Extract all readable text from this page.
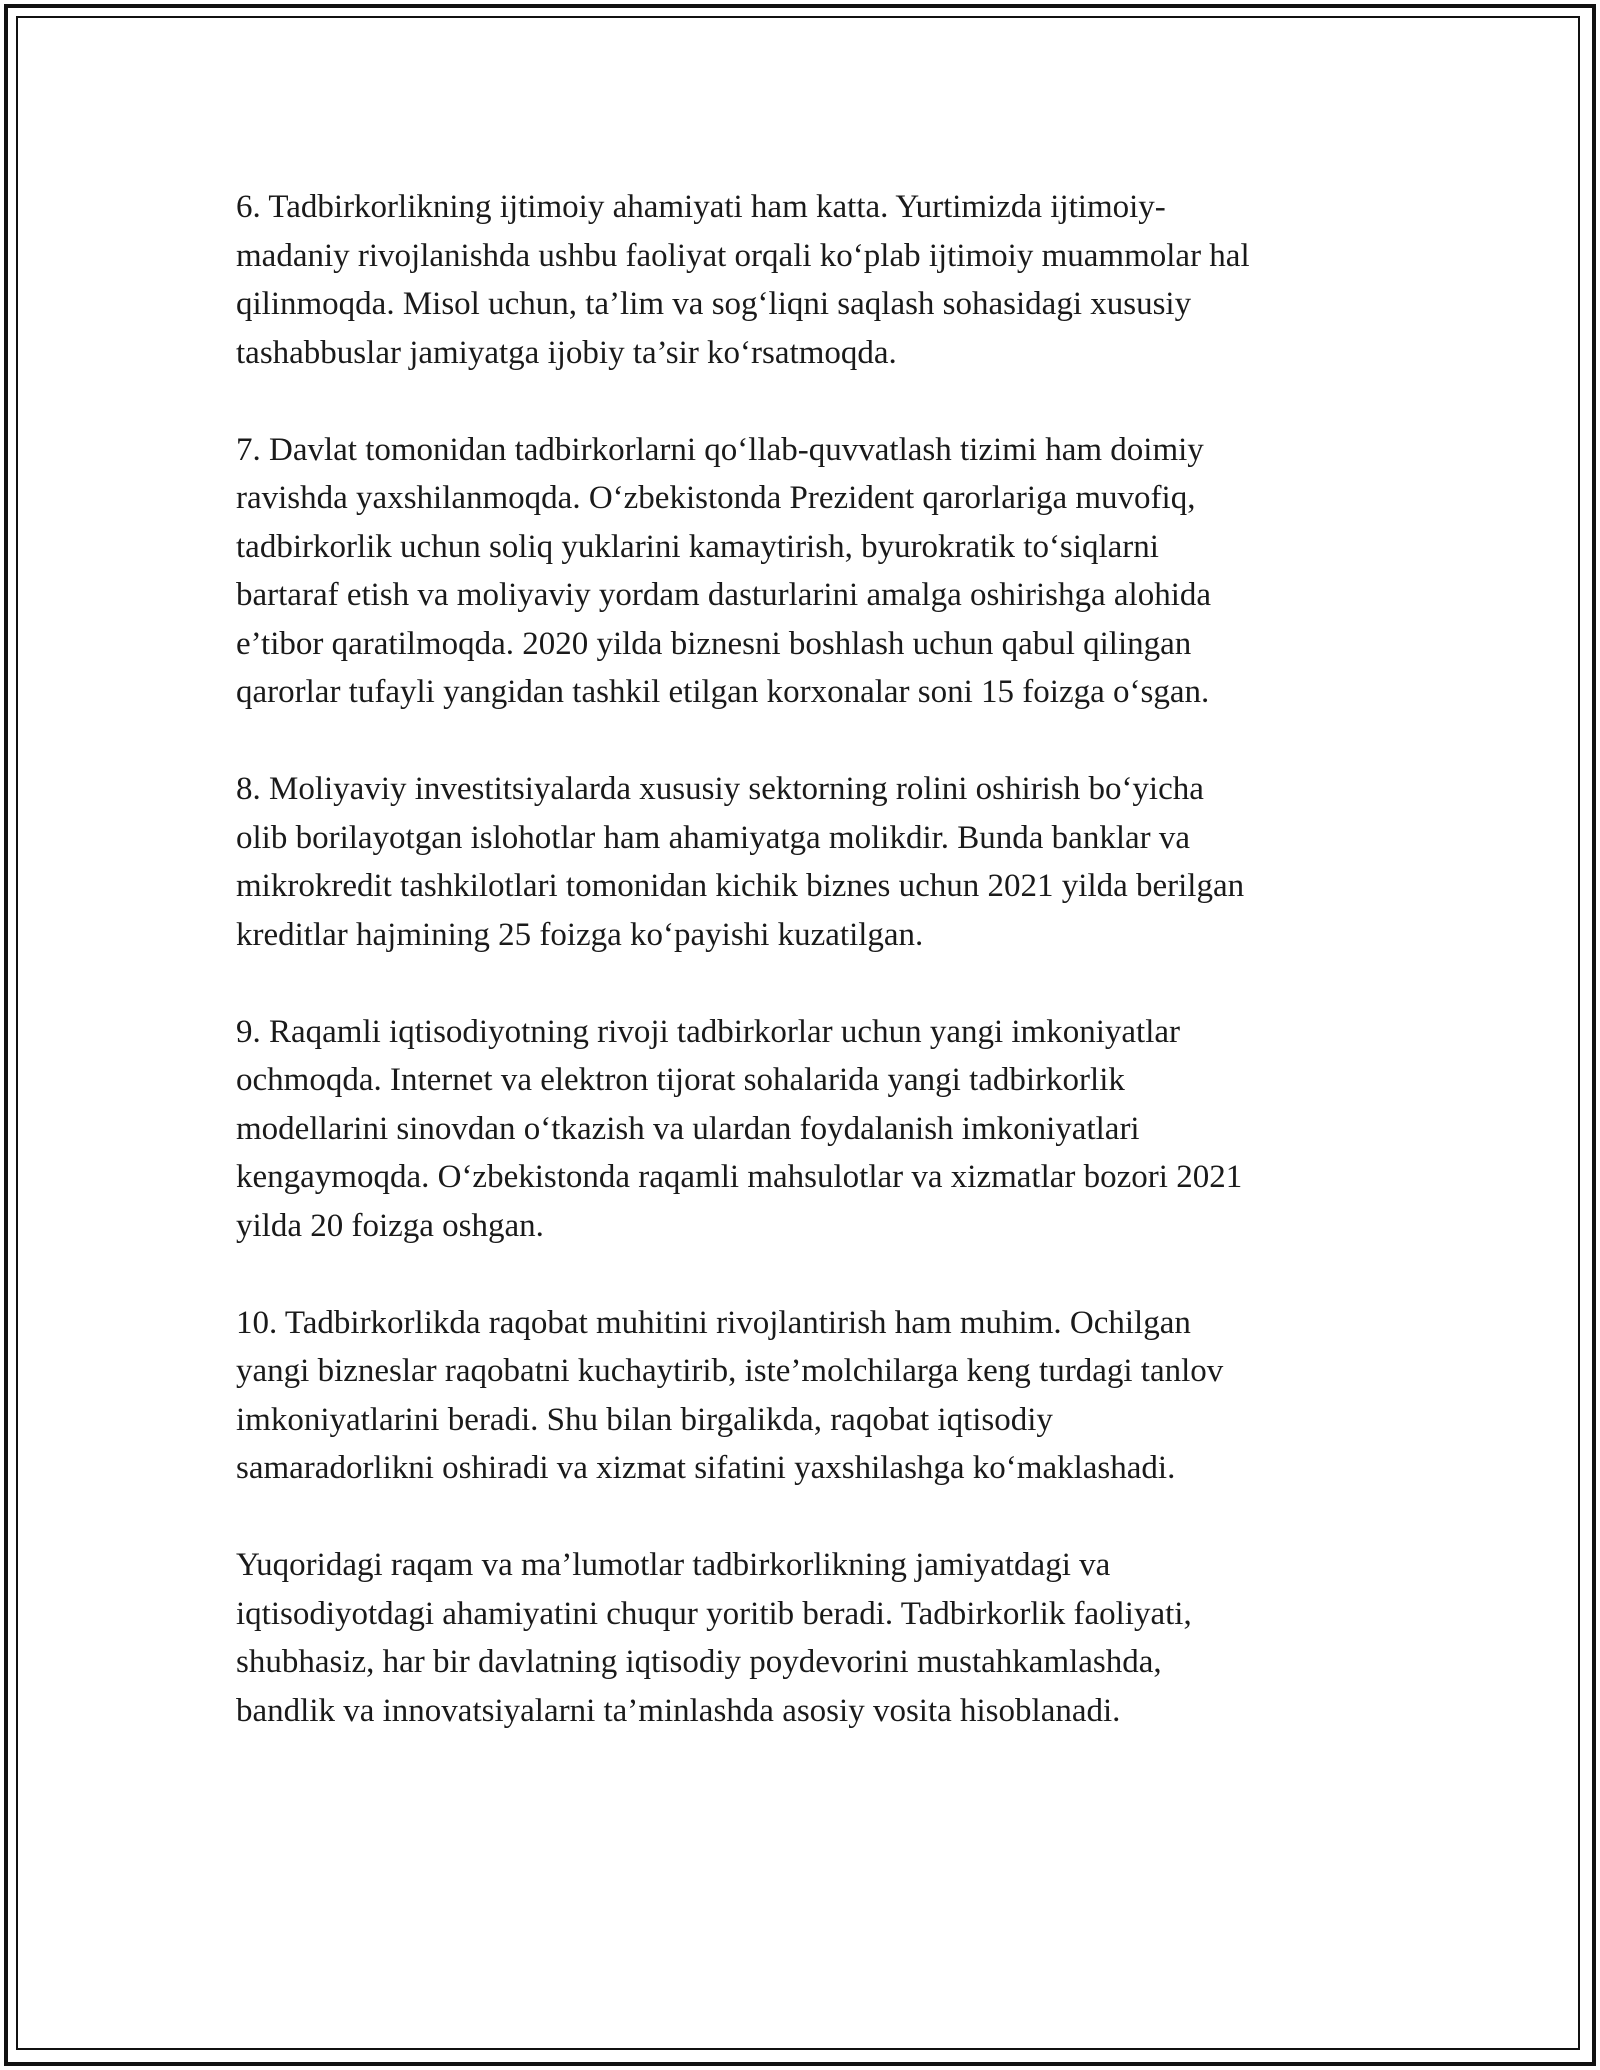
6. Tadbirkorlikning ijtimoiy ahamiyati ham katta. Yurtimizda ijtimoiy-
madaniy rivojlanishda ushbu faoliyat orqali ko‘plab ijtimoiy muammolar hal
qilinmoqda. Misol uchun, ta’lim va sog‘liqni saqlash sohasidagi xususiy
tashabbuslar jamiyatga ijobiy ta’sir ko‘rsatmoqda.

7. Davlat tomonidan tadbirkorlarni qo‘llab-quvvatlash tizimi ham doimiy
ravishda yaxshilanmoqda. O‘zbekistonda Prezident qarorlariga muvofiq,
tadbirkorlik uchun soliq yuklarini kamaytirish, byurokratik to‘siqlarni
bartaraf etish va moliyaviy yordam dasturlarini amalga oshirishga alohida
e’tibor qaratilmoqda. 2020 yilda biznesni boshlash uchun qabul qilingan
qarorlar tufayli yangidan tashkil etilgan korxonalar soni 15 foizga o‘sgan.

8. Moliyaviy investitsiyalarda xususiy sektorning rolini oshirish bo‘yicha
olib borilayotgan islohotlar ham ahamiyatga molikdir. Bunda banklar va
mikrokredit tashkilotlari tomonidan kichik biznes uchun 2021 yilda berilgan
kreditlar hajmining 25 foizga ko‘payishi kuzatilgan.

9. Raqamli iqtisodiyotning rivoji tadbirkorlar uchun yangi imkoniyatlar
ochmoqda. Internet va elektron tijorat sohalarida yangi tadbirkorlik
modellarini sinovdan o‘tkazish va ulardan foydalanish imkoniyatlari
kengaymoqda. O‘zbekistonda raqamli mahsulotlar va xizmatlar bozori 2021
yilda 20 foizga oshgan.

10. Tadbirkorlikda raqobat muhitini rivojlantirish ham muhim. Ochilgan
yangi bizneslar raqobatni kuchaytirib, iste’molchilarga keng turdagi tanlov
imkoniyatlarini beradi. Shu bilan birgalikda, raqobat iqtisodiy
samaradorlikni oshiradi va xizmat sifatini yaxshilashga ko‘maklashadi.

Yuqoridagi raqam va ma’lumotlar tadbirkorlikning jamiyatdagi va
iqtisodiyotdagi ahamiyatini chuqur yoritib beradi. Tadbirkorlik faoliyati,
shubhasiz, har bir davlatning iqtisodiy poydevorini mustahkamlashda,
bandlik va innovatsiyalarni ta’minlashda asosiy vosita hisoblanadi.
